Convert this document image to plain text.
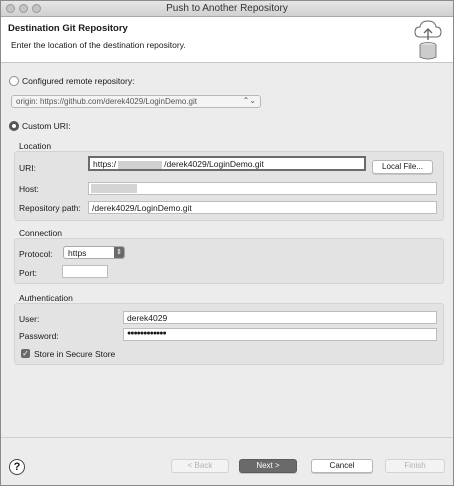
Push to Another Repository
Destination Git Repository
Enter the location of the destination repository.
Configured remote repository:
origin: https://github.com/derek4029/LoginDemo.git	⌃⌄
Custom URI:
Location
URI:	https:/	/derek4029/LoginDemo.git	Local File...
Host:
Repository path:	/derek4029/LoginDemo.git
Connection
Protocol:	https	⇕
Port:
Authentication
User:	derek4029
Password:	●●●●●●●●●●●●
✓ Store in Secure Store
?	< Back	Next >	Cancel	Finish
